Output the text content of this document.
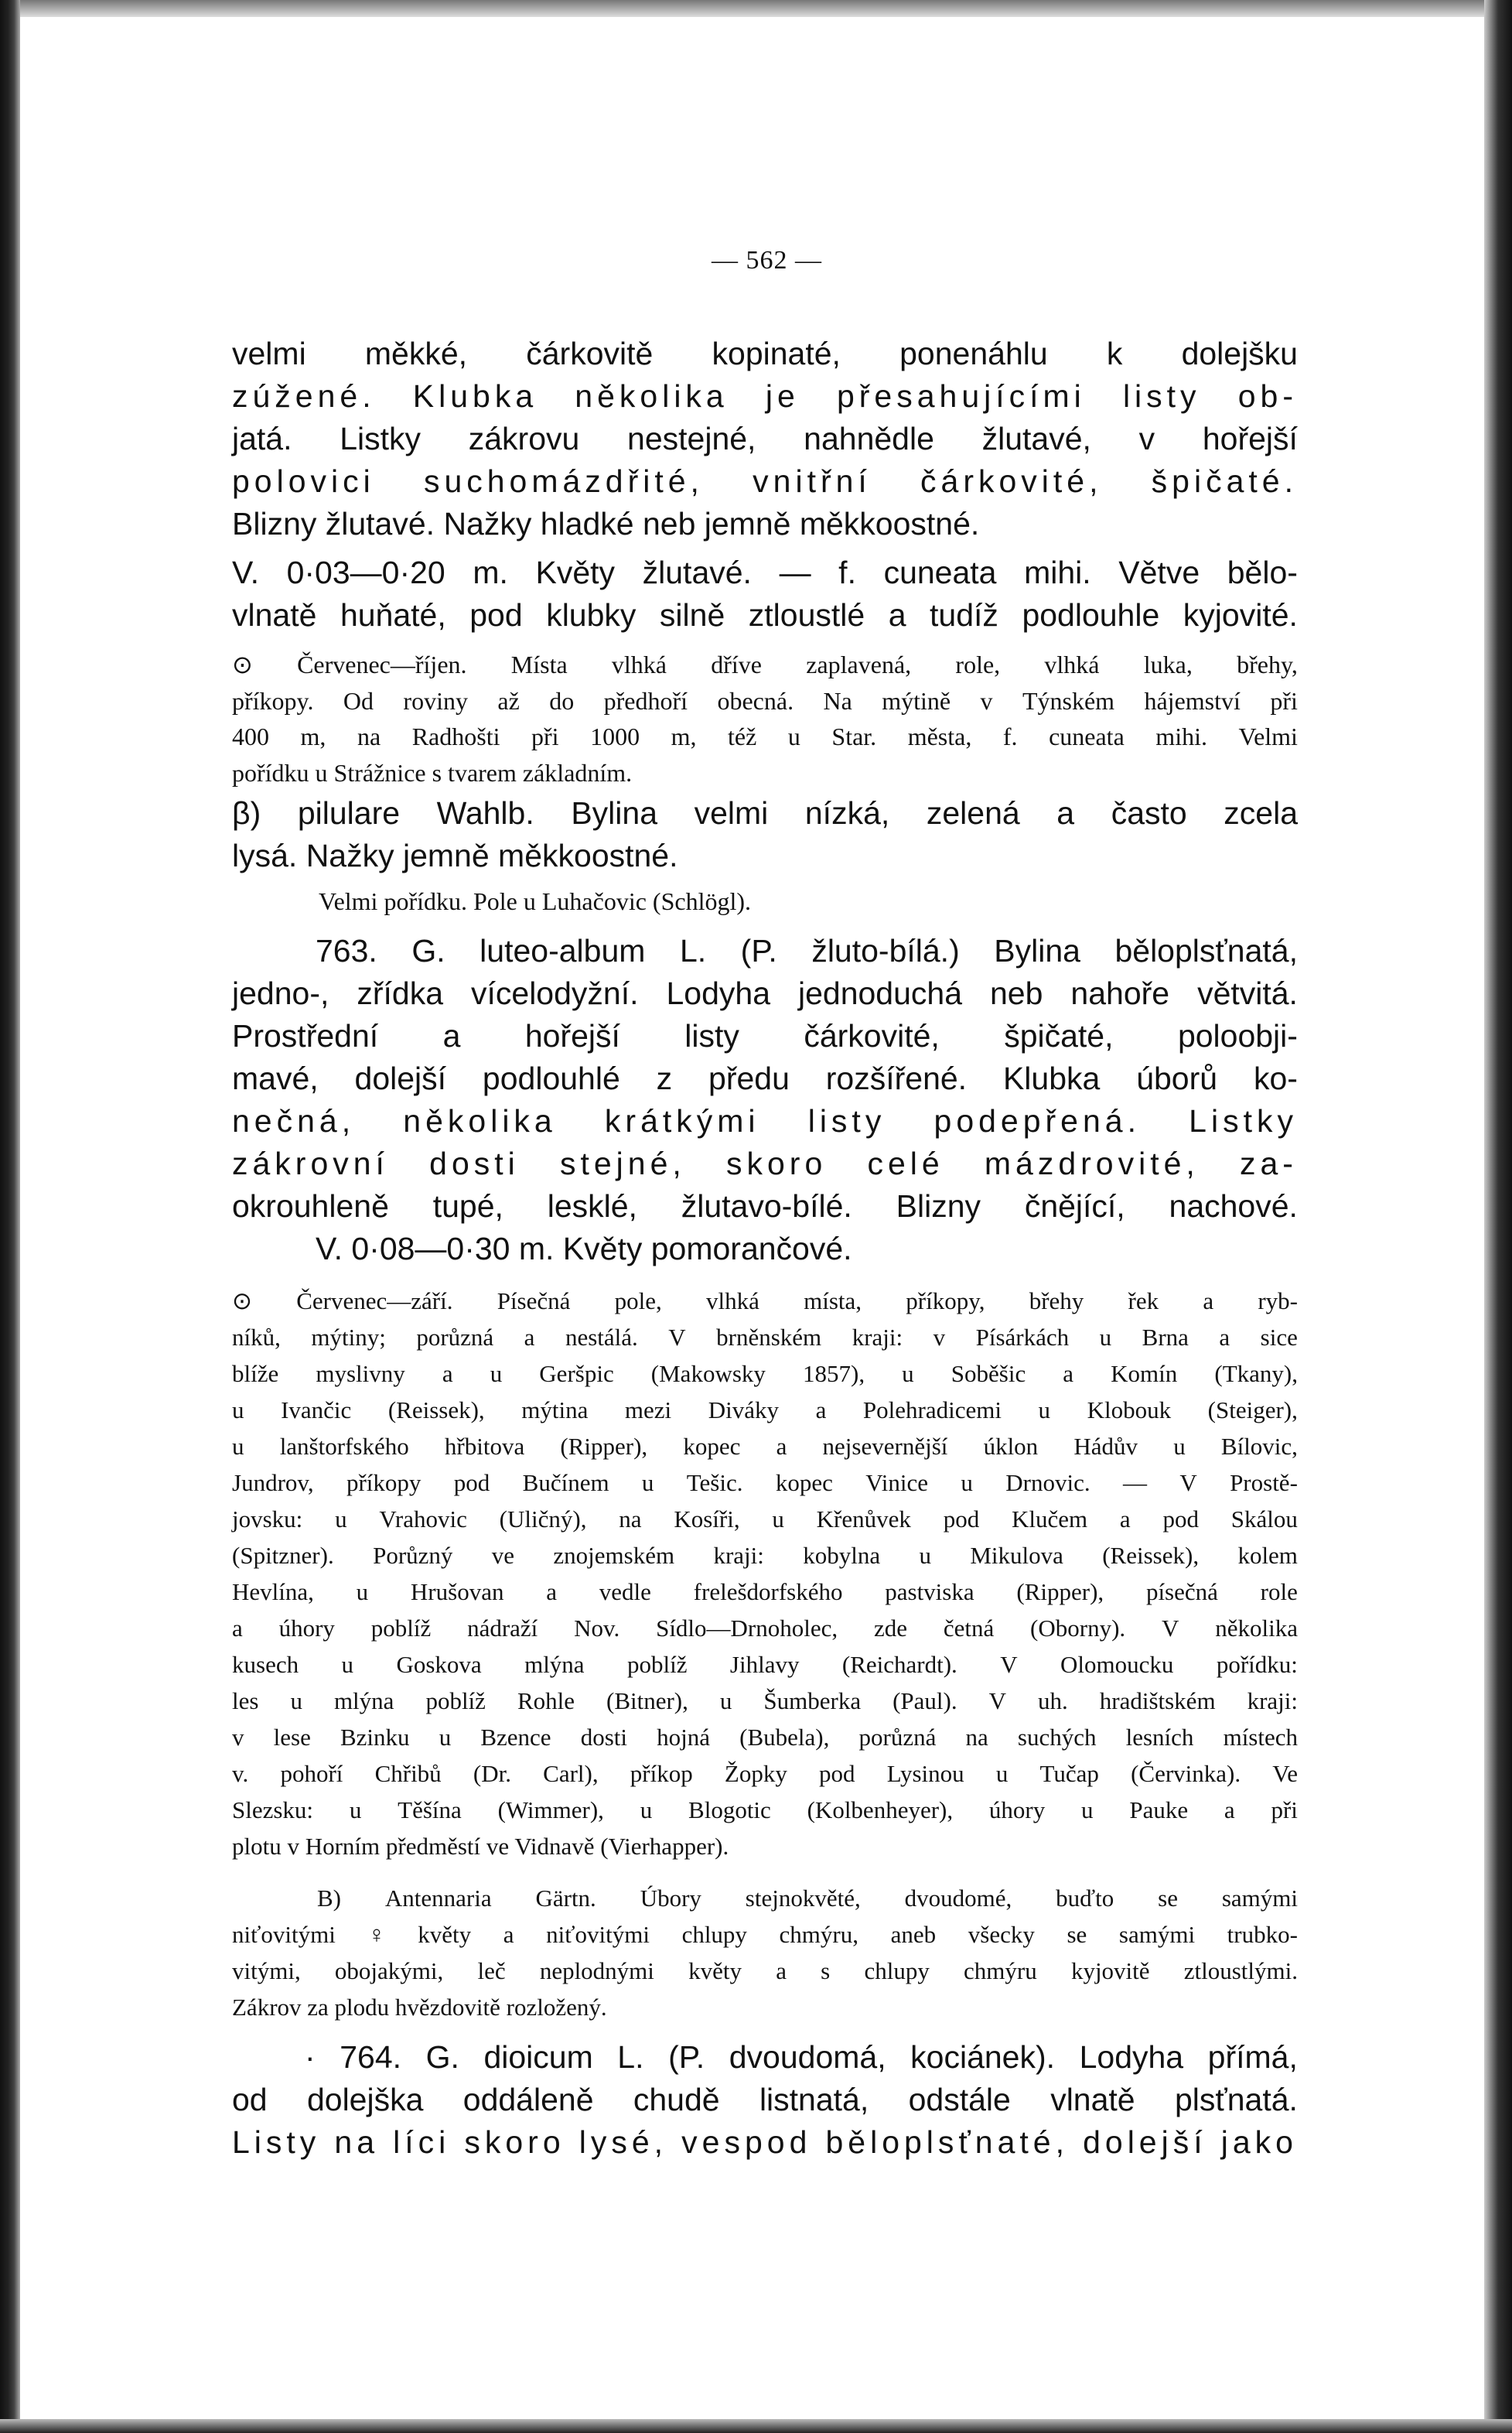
— 562 —
velmi měkké, čárkovitě kopinaté, ponenáhlu k dolejšku
zúžené. Klubka několika je přesahujícími listy ob-
jatá. Listky zákrovu nestejné, nahnědle žlutavé, v hořejší
polovici suchomázdřité, vnitřní čárkovité, špičaté.
Blizny žlutavé. Nažky hladké neb jemně měkkoostné.
V. 0·03—0·20 m. Květy žlutavé. — f. cuneata mihi. Větve bělo-
vlnatě huňaté, pod klubky silně ztloustlé a tudíž podlouhle kyjovité.
⊙ Červenec—říjen. Místa vlhká dříve zaplavená, role, vlhká luka, břehy,
příkopy. Od roviny až do předhoří obecná. Na mýtině v Týnském hájemství při
400 m, na Radhošti při 1000 m, též u Star. města, f. cuneata mihi. Velmi
pořídku u Strážnice s tvarem základním.
β) pilulare Wahlb. Bylina velmi nízká, zelená a často zcela
lysá. Nažky jemně měkkoostné.
Velmi pořídku. Pole u Luhačovic (Schlögl).
763. G. luteo-album L. (P. žluto-bílá.) Bylina běloplsťnatá,
jedno-, zřídka vícelodyžní. Lodyha jednoduchá neb nahoře větvitá.
Prostřední a hořejší listy čárkovité, špičaté, poloobji-
mavé, dolejší podlouhlé z předu rozšířené. Klubka úborů ko-
nečná, několika krátkými listy podepřená. Listky
zákrovní dosti stejné, skoro celé mázdrovité, za-
okrouhleně tupé, lesklé, žlutavo-bílé. Blizny čnějící, nachové.
V. 0·08—0·30 m. Květy pomorančové.
⊙ Červenec—září. Písečná pole, vlhká místa, příkopy, břehy řek a ryb-
níků, mýtiny; porůzná a nestálá. V brněnském kraji: v Písárkách u Brna a sice
blíže myslivny a u Geršpic (Makowsky 1857), u Soběšic a Komín (Tkany),
u Ivančic (Reissek), mýtina mezi Diváky a Polehradicemi u Klobouk (Steiger),
u lanštorfského hřbitova (Ripper), kopec a nejsevernější úklon Hádův u Bílovic,
Jundrov, příkopy pod Bučínem u Tešic. kopec Vinice u Drnovic. — V Prostě-
jovsku: u Vrahovic (Uličný), na Kosíři, u Křenůvek pod Klučem a pod Skálou
(Spitzner). Porůzný ve znojemském kraji: kobylna u Mikulova (Reissek), kolem
Hevlína, u Hrušovan a vedle frelešdorfského pastviska (Ripper), písečná role
a úhory poblíž nádraží Nov. Sídlo—Drnoholec, zde četná (Oborny). V několika
kusech u Goskova mlýna poblíž Jihlavy (Reichardt). V Olomoucku pořídku:
les u mlýna poblíž Rohle (Bitner), u Šumberka (Paul). V uh. hradištském kraji:
v lese Bzinku u Bzence dosti hojná (Bubela), porůzná na suchých lesních místech
v. pohoří Chřibů (Dr. Carl), příkop Žopky pod Lysinou u Tučap (Červinka). Ve
Slezsku: u Těšína (Wimmer), u Blogotic (Kolbenheyer), úhory u Pauke a při
plotu v Horním předměstí ve Vidnavě (Vierhapper).
B) Antennaria Gärtn. Úbory stejnokvěté, dvoudomé, buďto se samými
niťovitými ♀ květy a niťovitými chlupy chmýru, aneb všecky se samými trubko-
vitými, obojakými, leč neplodnými květy a s chlupy chmýru kyjovitě ztloustlými.
Zákrov za plodu hvězdovitě rozložený.
· 764. G. dioicum L. (P. dvoudomá, kociánek). Lodyha přímá,
od dolejška oddáleně chudě listnatá, odstále vlnatě plsťnatá.
Listy na líci skoro lysé, vespod běloplsťnaté, dolejší jako
